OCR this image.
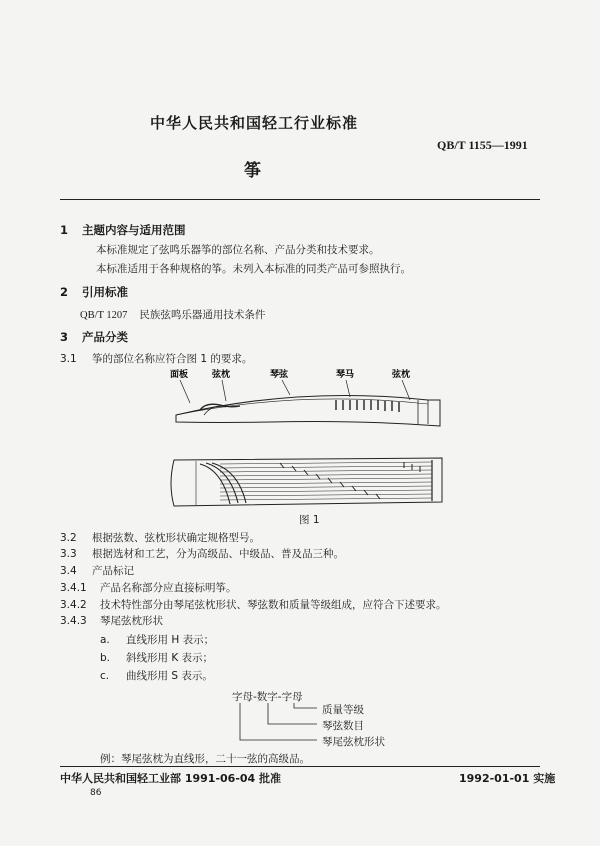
中华人民共和国轻工行业标准
QB/T 1155—1991
筝
1 主题内容与适用范围
本标准规定了弦鸣乐器筝的部位名称、产品分类和技术要求。
本标准适用于各种规格的筝。未列入本标准的同类产品可参照执行。
2 引用标准
QB/T 1207 民族弦鸣乐器通用技术条件
3 产品分类
3.1 筝的部位名称应符合图 1 的要求。
面板	弦枕	琴弦	琴马	弦枕
图 1
3.2 根据弦数、弦枕形状确定规格型号。
3.3 根据选材和工艺，分为高级品、中级品、普及品三种。
3.4 产品标记
3.4.1 产品名称部分应直接标明筝。
3.4.2 技术特性部分由琴尾弦枕形状、琴弦数和质量等级组成，应符合下述要求。
3.4.3 琴尾弦枕形状
a. 直线形用 H 表示；
b. 斜线形用 K 表示；
c. 曲线形用 S 表示。
字母-数字-字母
质量等级
琴弦数目
琴尾弦枕形状
例：琴尾弦枕为直线形，二十一弦的高级品。
中华人民共和国轻工业部 1991-06-04 批准	1992-01-01 实施
86
